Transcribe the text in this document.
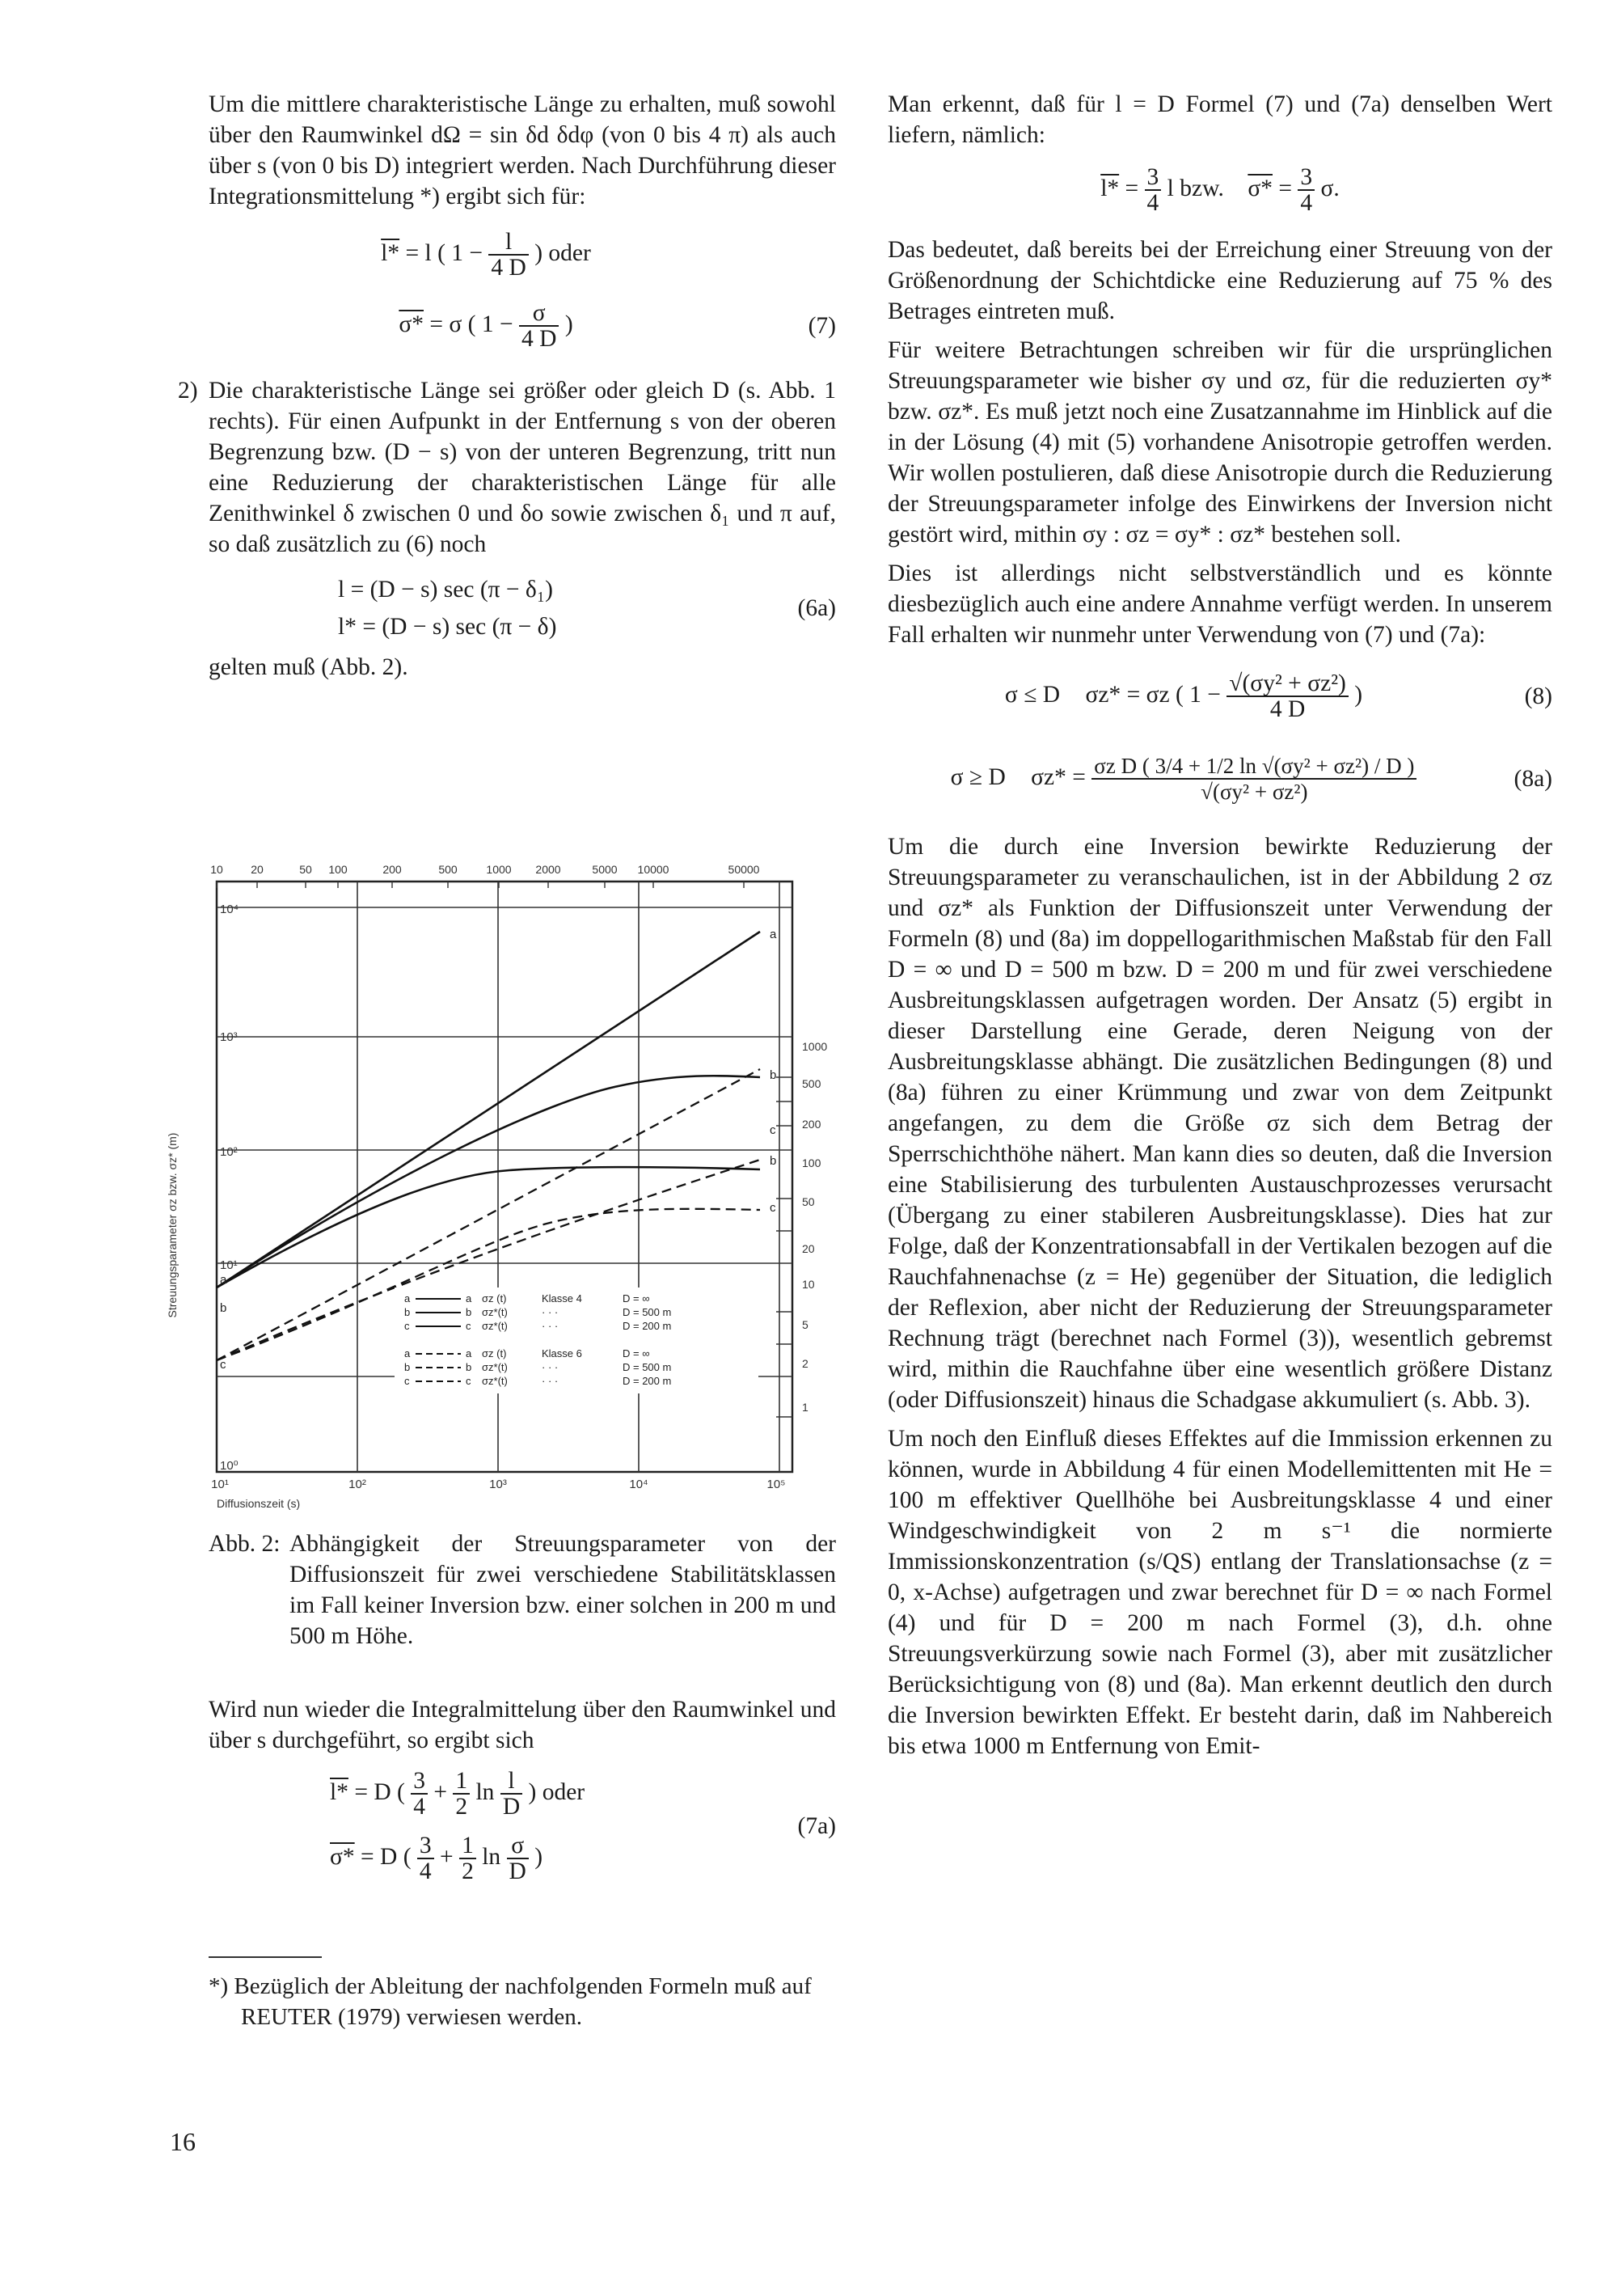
Um die mittlere charakteristische Länge zu erhalten, muß sowohl über den Raumwinkel dΩ = sin δd δdφ (von 0 bis 4 π) als auch über s (von 0 bis D) integriert werden. Nach Durchführung dieser Integrationsmittelung *) ergibt sich für:

l* = l ( $1 - \frac{l}{4 D}$ ) oder
σ* = σ ( $1 - \frac{\sigma}{4 D}$ )	(7)
2) Die charakteristische Länge sei größer oder gleich D (s. Abb. 1 rechts). Für einen Aufpunkt in der Entfernung s von der oberen Begrenzung bzw. (D − s) von der unteren Begrenzung, tritt nun eine Reduzierung der charakteristischen Länge für alle Zenithwinkel δ zwischen 0 und δo sowie zwischen δ₁ und π auf, so daß zusätzlich zu (6) noch

l = (D − s) sec (π − δ₁)
l* = (D − s) sec (π − δ)
(6a)

gelten muß (Abb. 2).

10 20	50 100	200	500	1000 2000	5000 10000	50000
10⁴
10³
10²
10¹
10⁰
1000
500
200
100
50
20
10
5
2
1
10¹	10²	10³	10⁴	10⁵
Streuungsparameter σz bzw. σz* (m)
Diffusionszeit (s)
a
b
c
b
c
a
b
c
a	a σz (t)	Klasse 4	D = ∞
b	b σz*(t)	· · ·	D = 500 m
c	c σz*(t)	· · ·	D = 200 m
a	a σz (t)	Klasse 6	D = ∞
b	b σz*(t)	· · ·	D = 500 m
c	c σz*(t)	· · ·	D = 200 m
Abb. 2: Abhängigkeit der Streuungsparameter von der Diffusionszeit für zwei verschiedene Stabilitätsklassen im Fall keiner Inversion bzw. einer solchen in 200 m und 500 m Höhe.

Wird nun wieder die Integralmittelung über den Raumwinkel und über s durchgeführt, so ergibt sich

l* = D ( $\frac{3}{4} + \frac{1}{2}$ $\ln \frac{l}{D}$ ) oder
σ* = D ( $\frac{3}{4} + \frac{1}{2}$ $\ln \frac{\sigma}{D}$ )
(7a)
*) Bezüglich der Ableitung der nachfolgenden Formeln muß auf REUTER (1979) verwiesen werden.

Man erkennt, daß für l = D Formel (7) und (7a) denselben Wert liefern, nämlich:

$l* = \frac{3}{4}$ l bzw. $\sigma* = \frac{3}{4} \sigma$.

Das bedeutet, daß bereits bei der Erreichung einer Streuung von der Größenordnung der Schichtdicke eine Reduzierung auf 75 % des Betrages eintreten muß.

Für weitere Betrachtungen schreiben wir für die ursprünglichen Streuungsparameter wie bisher σy und σz, für die reduzierten σy* bzw. σz*. Es muß jetzt noch eine Zusatzannahme im Hinblick auf die in der Lösung (4) mit (5) vorhandene Anisotropie getroffen werden. Wir wollen postulieren, daß diese Anisotropie durch die Reduzierung der Streuungsparameter infolge des Einwirkens der Inversion nicht gestört wird, mithin σy : σz = σy* : σz* bestehen soll.

Dies ist allerdings nicht selbstverständlich und es könnte diesbezüglich auch eine andere Annahme verfügt werden. In unserem Fall erhalten wir nunmehr unter Verwendung von (7) und (7a):

σ ≤ D σz* = σz ( $1 - \frac{\text{√(σy² + σz²)}}{4 D}$ )	(8)
σ ≥ D $\sigma z* = \frac{\text{σz D ( 3/4 + 1/2 ln √(σy² + σz²) / D )}}{\text{√(σy² + σz²)}}$	(8a)

Um die durch eine Inversion bewirkte Reduzierung der Streuungsparameter zu veranschaulichen, ist in der Abbildung 2 σz und σz* als Funktion der Diffusionszeit unter Verwendung der Formeln (8) und (8a) im doppellogarithmischen Maßstab für den Fall D = ∞ und D = 500 m bzw. D = 200 m und für zwei verschiedene Ausbreitungsklassen aufgetragen worden. Der Ansatz (5) ergibt in dieser Darstellung eine Gerade, deren Neigung von der Ausbreitungsklasse abhängt. Die zusätzlichen Bedingungen (8) und (8a) führen zu einer Krümmung und zwar von dem Zeitpunkt angefangen, zu dem die Größe σz sich dem Betrag der Sperrschichthöhe nähert. Man kann dies so deuten, daß die Inversion eine Stabilisierung des turbulenten Austauschprozesses verursacht (Übergang zu einer stabileren Ausbreitungsklasse). Dies hat zur Folge, daß der Konzentrationsabfall in der Vertikalen bezogen auf die Rauchfahnenachse (z = He) gegenüber der Situation, die lediglich der Reflexion, aber nicht der Reduzierung der Streuungsparameter Rechnung trägt (berechnet nach Formel (3)), wesentlich gebremst wird, mithin die Rauchfahne über eine wesentlich größere Distanz (oder Diffusionszeit) hinaus die Schadgase akkumuliert (s. Abb. 3).

Um noch den Einfluß dieses Effektes auf die Immission erkennen zu können, wurde in Abbildung 4 für einen Modellemittenten mit He = 100 m effektiver Quellhöhe bei Ausbreitungsklasse 4 und einer Windgeschwindigkeit von 2 m s⁻¹ die normierte Immissionskonzentration (s/QS) entlang der Translationsachse (z = 0, x-Achse) aufgetragen und zwar berechnet für D = ∞ nach Formel (4) und für D = 200 m nach Formel (3), d.h. ohne Streuungsverkürzung sowie nach Formel (3), aber mit zusätzlicher Berücksichtigung von (8) und (8a). Man erkennt deutlich den durch die Inversion bewirkten Effekt. Er besteht darin, daß im Nahbereich bis etwa 1000 m Entfernung von Emit-

16
